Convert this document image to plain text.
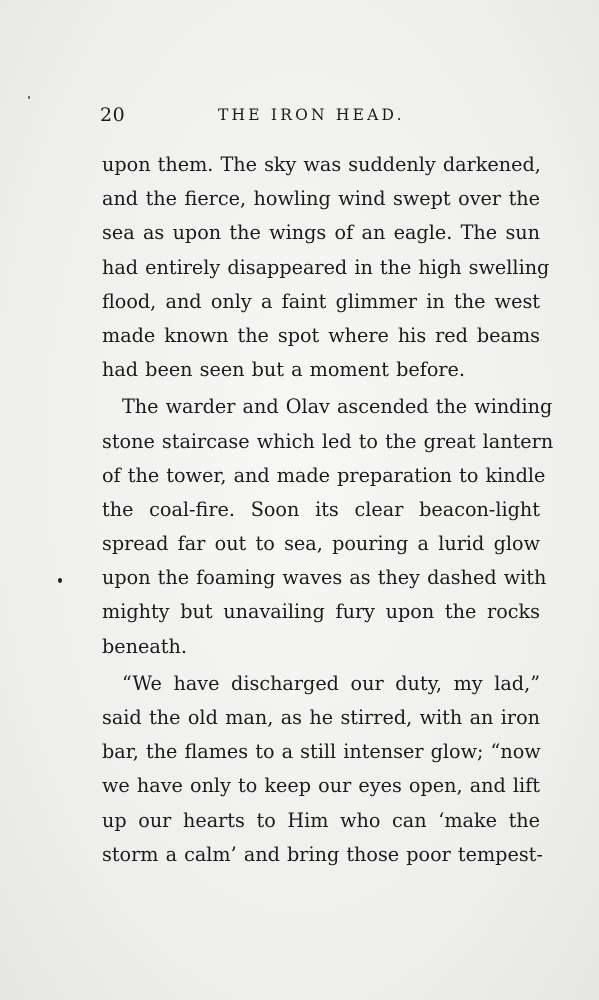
20	THE IRON HEAD.
upon them. The sky was suddenly darkened,
and the fierce, howling wind swept over the
sea as upon the wings of an eagle. The sun
had entirely disappeared in the high swelling
flood, and only a faint glimmer in the west
made known the spot where his red beams
had been seen but a moment before.
The warder and Olav ascended the winding
stone staircase which led to the great lantern
of the tower, and made preparation to kindle
the coal-fire. Soon its clear beacon-light
spread far out to sea, pouring a lurid glow
upon the foaming waves as they dashed with
mighty but unavailing fury upon the rocks
beneath.
“We have discharged our duty, my lad,”
said the old man, as he stirred, with an iron
bar, the flames to a still intenser glow; “now
we have only to keep our eyes open, and lift
up our hearts to Him who can ‘make the
storm a calm’ and bring those poor tempest-
